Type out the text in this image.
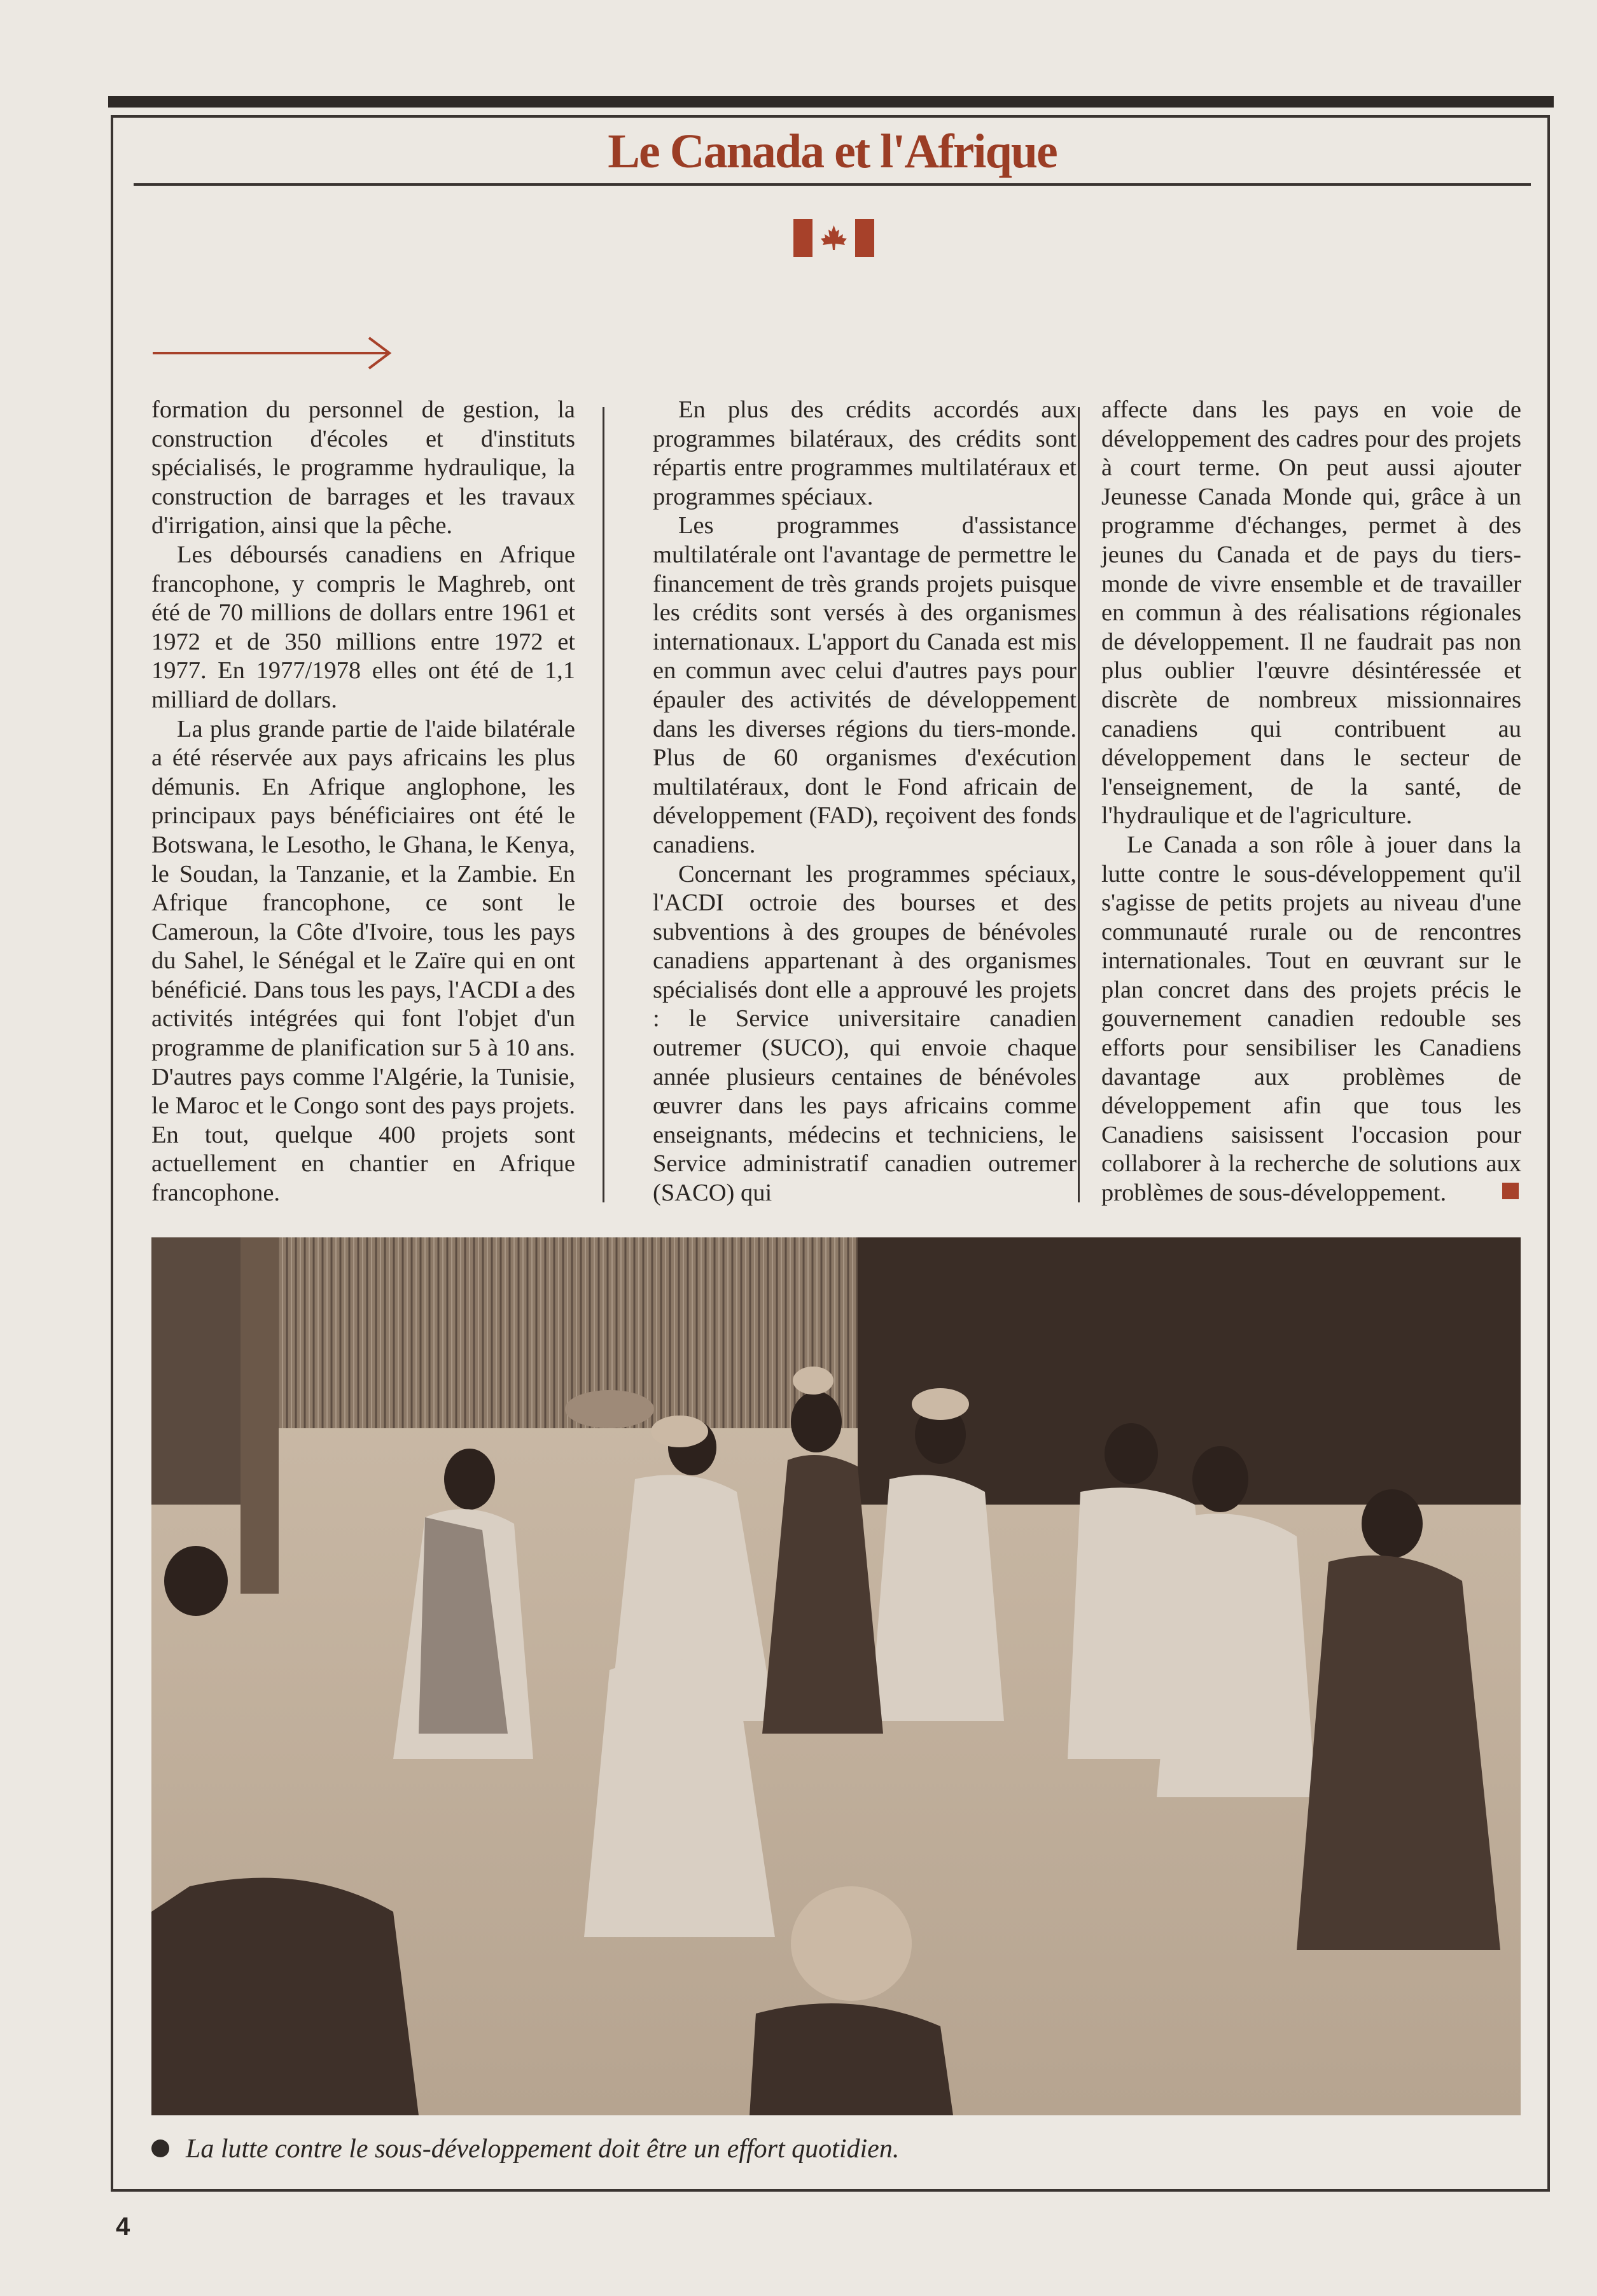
Le Canada et l'Afrique

formation du personnel de gestion, la construction d'écoles et d'instituts spécialisés, le programme hydraulique, la construction de barrages et les travaux d'irrigation, ainsi que la pêche.

Les déboursés canadiens en Afrique francophone, y compris le Maghreb, ont été de 70 millions de dollars entre 1961 et 1972 et de 350 millions entre 1972 et 1977. En 1977/1978 elles ont été de 1,1 milliard de dollars.

La plus grande partie de l'aide bilatérale a été réservée aux pays africains les plus démunis. En Afrique anglophone, les principaux pays bénéficiaires ont été le Botswana, le Lesotho, le Ghana, le Kenya, le Soudan, la Tanzanie, et la Zambie. En Afrique francophone, ce sont le Cameroun, la Côte d'Ivoire, tous les pays du Sahel, le Sénégal et le Zaïre qui en ont bénéficié. Dans tous les pays, l'ACDI a des activités intégrées qui font l'objet d'un programme de planification sur 5 à 10 ans. D'autres pays comme l'Algérie, la Tunisie, le Maroc et le Congo sont des pays projets. En tout, quelque 400 projets sont actuellement en chantier en Afrique francophone.

En plus des crédits accordés aux programmes bilatéraux, des crédits sont répartis entre programmes multilatéraux et programmes spéciaux.

Les programmes d'assistance multilatérale ont l'avantage de permettre le financement de très grands projets puisque les crédits sont versés à des organismes internationaux. L'apport du Canada est mis en commun avec celui d'autres pays pour épauler des activités de développement dans les diverses régions du tiers-monde. Plus de 60 organismes d'exécution multilatéraux, dont le Fond africain de développement (FAD), reçoivent des fonds canadiens.

Concernant les programmes spéciaux, l'ACDI octroie des bourses et des subventions à des groupes de bénévoles canadiens appartenant à des organismes spécialisés dont elle a approuvé les projets : le Service universitaire canadien outremer (SUCO), qui envoie chaque année plusieurs centaines de bénévoles œuvrer dans les pays africains comme enseignants, médecins et techniciens, le Service administratif canadien outremer (SACO) qui

affecte dans les pays en voie de développement des cadres pour des projets à court terme. On peut aussi ajouter Jeunesse Canada Monde qui, grâce à un programme d'échanges, permet à des jeunes du Canada et de pays du tiers-monde de vivre ensemble et de travailler en commun à des réalisations régionales de développement. Il ne faudrait pas non plus oublier l'œuvre désintéressée et discrète de nombreux missionnaires canadiens qui contribuent au développement dans le secteur de l'enseignement, de la santé, de l'hydraulique et de l'agriculture.

Le Canada a son rôle à jouer dans la lutte contre le sous-développement qu'il s'agisse de petits projets au niveau d'une communauté rurale ou de rencontres internationales. Tout en œuvrant sur le plan concret dans des projets précis le gouvernement canadien redouble ses efforts pour sensibiliser les Canadiens davantage aux problèmes de développement afin que tous les Canadiens saisissent l'occasion pour collaborer à la recherche de solutions aux problèmes de sous-développement.

La lutte contre le sous-développement doit être un effort quotidien.
4
